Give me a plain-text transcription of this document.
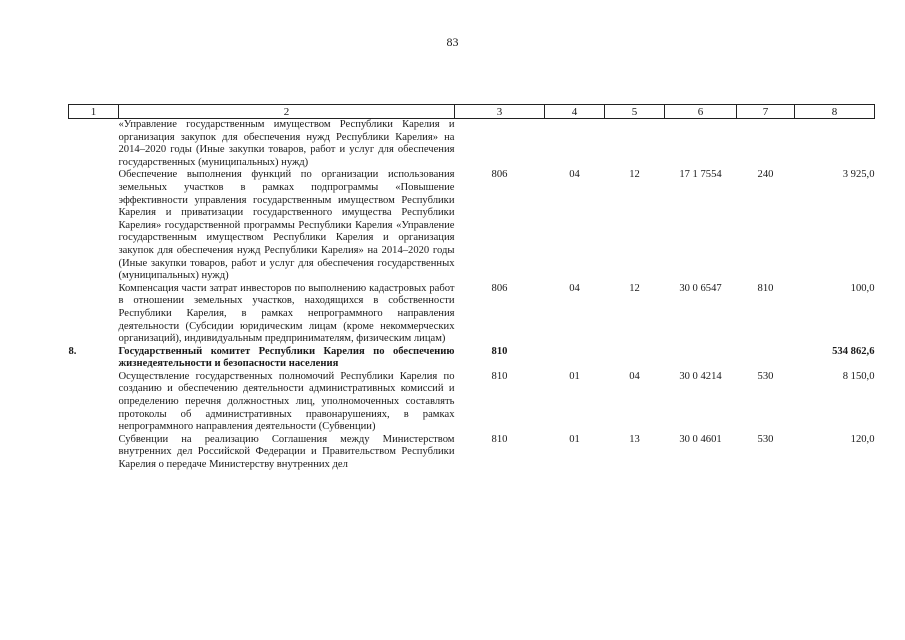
83
1	2	3	4	5	6	7	8
	«Управление государственным имуществом Республики Карелия и организация закупок для обеспечения нужд Республики Карелия» на 2014–2020 годы (Иные закупки товаров, работ и услуг для обеспечения государственных (муниципальных) нужд)						
	Обеспечение выполнения функций по организации использования земельных участков в рамках подпрограммы «Повышение эффективности управления государственным имуществом Республики Карелия и приватизации государственного имущества Республики Карелия» государственной программы Республики Карелия «Управление государственным имуществом Республики Карелия и организация закупок для обеспечения нужд Республики Карелия» на 2014–2020 годы (Иные закупки товаров, работ и услуг для обеспечения государственных (муниципальных) нужд)	806	04	12	17 1 7554	240	3 925,0
	Компенсация части затрат инвесторов по выполнению кадастровых работ в отношении земельных участков, находящихся в собственности Республики Карелия, в рамках непрограммного направления деятельности (Субсидии юридическим лицам (кроме некоммерческих организаций), индивидуальным предпринимателям, физическим лицам)	806	04	12	30 0 6547	810	100,0
8.	Государственный комитет Республики Карелия по обеспечению жизнедеятельности и безопасности населения	810					534 862,6
	Осуществление государственных полномочий Республики Карелия по созданию и обеспечению деятельности административных комиссий и определению перечня должностных лиц, уполномоченных составлять протоколы об административных правонарушениях, в рамках непрограммного направления деятельности (Субвенции)	810	01	04	30 0 4214	530	8 150,0
	Субвенции на реализацию Соглашения между Министерством внутренних дел Российской Федерации и Правительством Республики Карелия о передаче Министерству внутренних дел	810	01	13	30 0 4601	530	120,0
